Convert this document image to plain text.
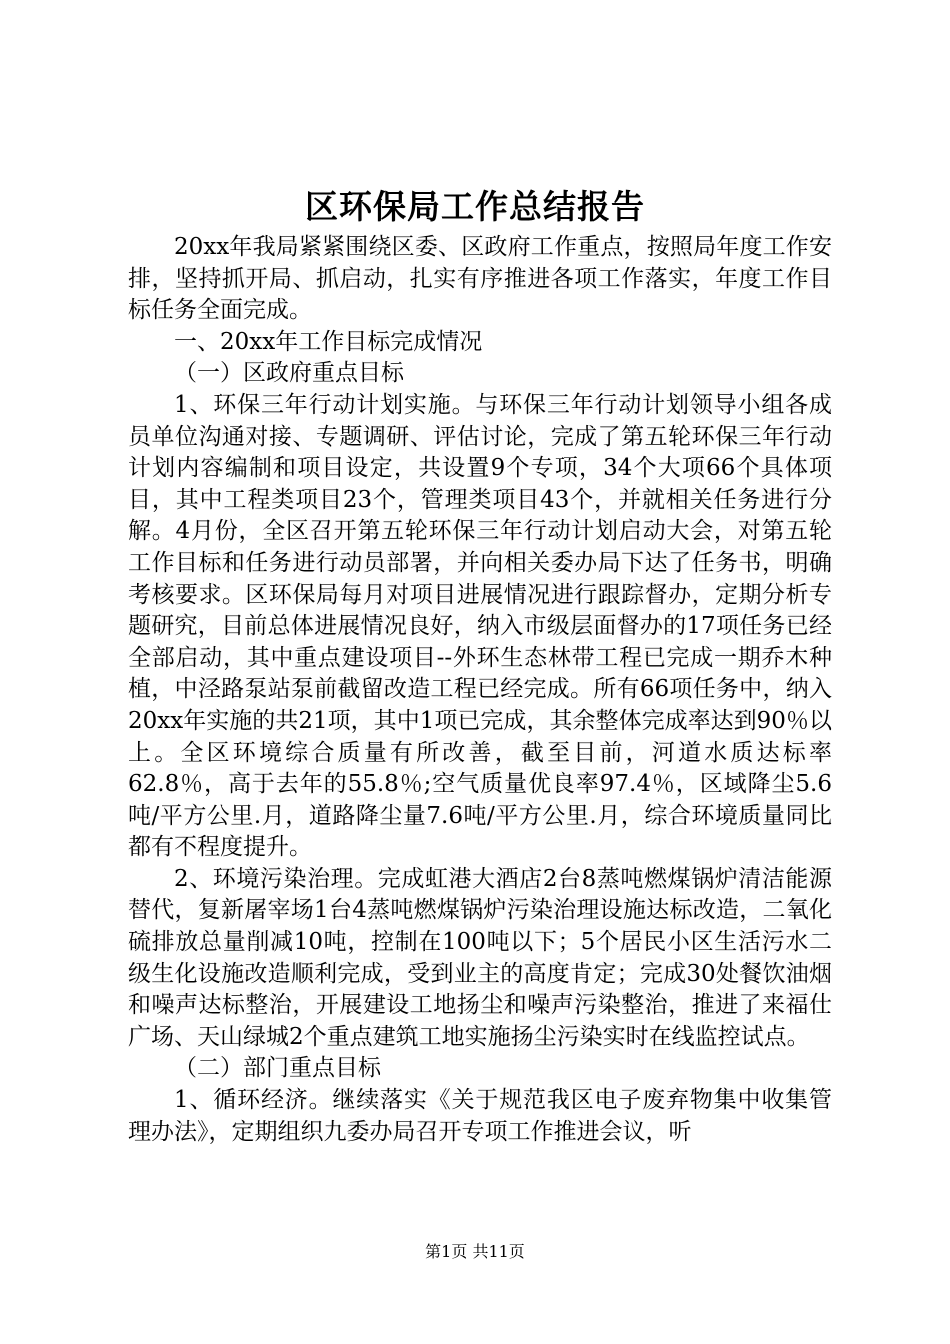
区环保局工作总结报告

20xx年我局紧紧围绕区委、区政府工作重点，按照局年度工作安排，坚持抓开局、抓启动，扎实有序推进各项工作落实，年度工作目标任务全面完成。

一、20xx年工作目标完成情况

（一）区政府重点目标

1、环保三年行动计划实施。与环保三年行动计划领导小组各成员单位沟通对接、专题调研、评估讨论，完成了第五轮环保三年行动计划内容编制和项目设定，共设置9个专项，34个大项66个具体项目，其中工程类项目23个，管理类项目43个，并就相关任务进行分解。4月份，全区召开第五轮环保三年行动计划启动大会，对第五轮工作目标和任务进行动员部署，并向相关委办局下达了任务书，明确考核要求。区环保局每月对项目进展情况进行跟踪督办，定期分析专题研究，目前总体进展情况良好，纳入市级层面督办的17项任务已经全部启动，其中重点建设项目--外环生态林带工程已完成一期乔木种植，中泾路泵站泵前截留改造工程已经完成。所有66项任务中，纳入20xx年实施的共21项，其中1项已完成，其余整体完成率达到90％以上。全区环境综合质量有所改善，截至目前，河道水质达标率62.8％，高于去年的55.8％;空气质量优良率97.4％，区域降尘5.6吨/平方公里.月，道路降尘量7.6吨/平方公里.月，综合环境质量同比都有不程度提升。

2、环境污染治理。完成虹港大酒店2台8蒸吨燃煤锅炉清洁能源替代，复新屠宰场1台4蒸吨燃煤锅炉污染治理设施达标改造，二氧化硫排放总量削减10吨，控制在100吨以下；5个居民小区生活污水二级生化设施改造顺利完成，受到业主的高度肯定；完成30处餐饮油烟和噪声达标整治，开展建设工地扬尘和噪声污染整治，推进了来福仕广场、天山绿城2个重点建筑工地实施扬尘污染实时在线监控试点。

（二）部门重点目标

1、循环经济。继续落实《关于规范我区电子废弃物集中收集管理办法》，定期组织九委办局召开专项工作推进会议，听

第1页 共11页
